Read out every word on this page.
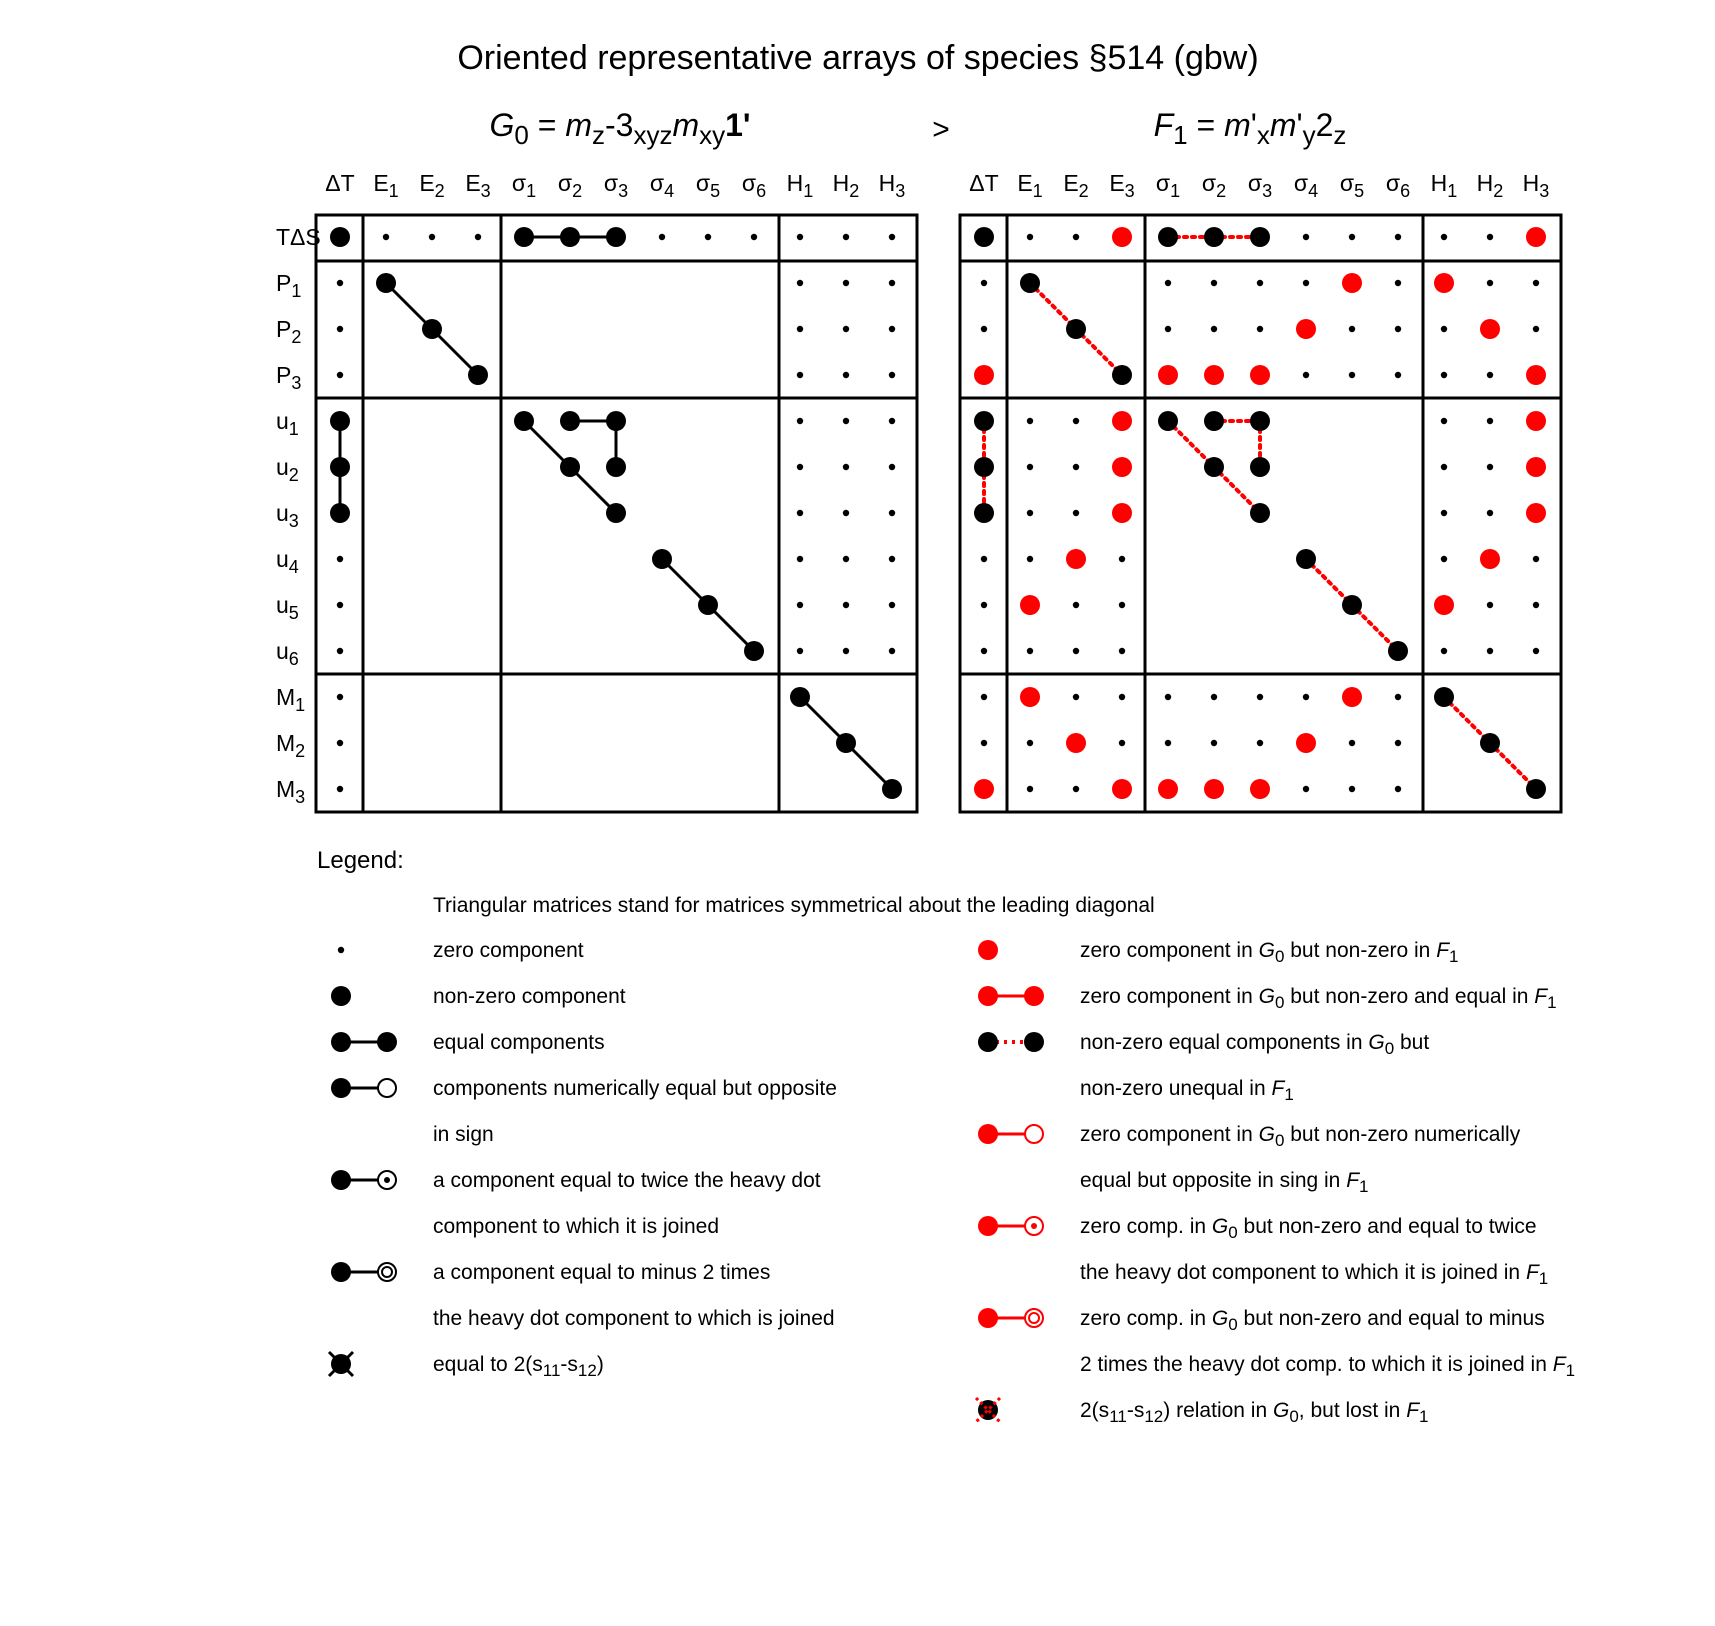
Oriented representative arrays of species §514 (gbw)
>
G0 = mz-3xyzmxy1'	F1 = m'xm'y2z
ΔT E1 E2 E3 σ1 σ2 σ3 σ4 σ5 σ6 H1 H2 H3
TΔS
P1
P2
P3
u1
u2
u3
u4
u5
u6
M1
M2
M3
ΔT E1 E2 E3 σ1 σ2 σ3 σ4 σ5 σ6 H1 H2 H3
Legend:
Triangular matrices stand for matrices symmetrical about the leading diagonal
zero component
non-zero component
equal components
components numerically equal but opposite
in sign
a component equal to twice the heavy dot
component to which it is joined
a component equal to minus 2 times
the heavy dot component to which is joined
equal to 2(s11-s12)
zero component in G0 but non-zero in F1
zero component in G0 but non-zero and equal in F1
non-zero equal components in G0 but
non-zero unequal in F1
zero component in G0 but non-zero numerically
equal but opposite in sing in F1
zero comp. in G0 but non-zero and equal to twice
the heavy dot component to which it is joined in F1
zero comp. in G0 but non-zero and equal to minus
2 times the heavy dot comp. to which it is joined in F1
2(s11-s12) relation in G0, but lost in F1
